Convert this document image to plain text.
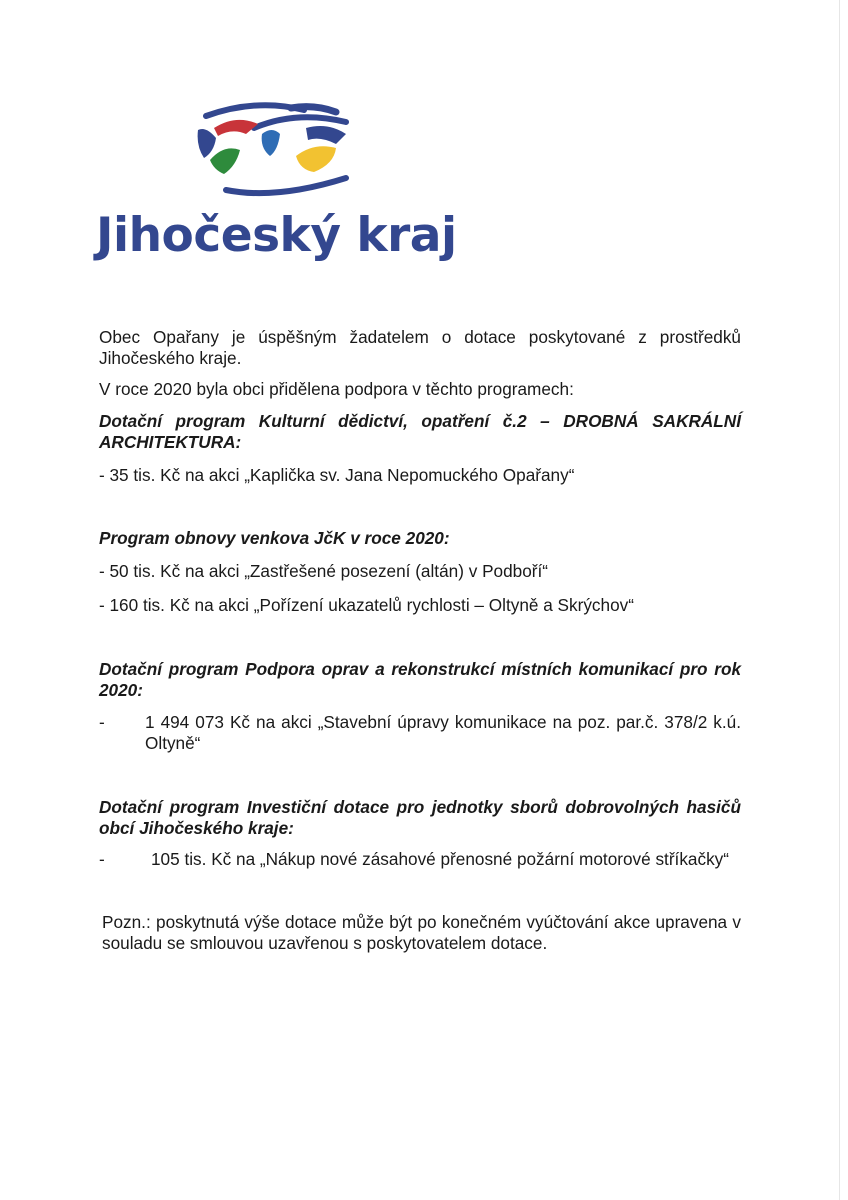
Jihočeský kraj

Obec Opařany je úspěšným žadatelem o dotace poskytované z prostředků Jihočeského kraje.

V roce 2020 byla obci přidělena podpora v těchto programech:

Dotační program Kulturní dědictví, opatření č.2 – DROBNÁ SAKRÁLNÍ ARCHITEKTURA:

- 35 tis. Kč na akci „Kaplička sv. Jana Nepomuckého Opařany“

Program obnovy venkova JčK v roce 2020:

- 50 tis. Kč na akci „Zastřešené posezení (altán) v Podboří“

- 160 tis. Kč na akci „Pořízení ukazatelů rychlosti – Oltyně a Skrýchov“

Dotační program Podpora oprav a rekonstrukcí místních komunikací pro rok 2020:

-	1 494 073 Kč na akci „Stavební úpravy komunikace na poz. par.č. 378/2 k.ú. Oltyně“

Dotační program Investiční dotace pro jednotky sborů dobrovolných hasičů obcí Jihočeského kraje:

-	105 tis. Kč na „Nákup nové zásahové přenosné požární motorové stříkačky“

Pozn.: poskytnutá výše dotace může být po konečném vyúčtování akce upravena v souladu se smlouvou uzavřenou s poskytovatelem dotace.
